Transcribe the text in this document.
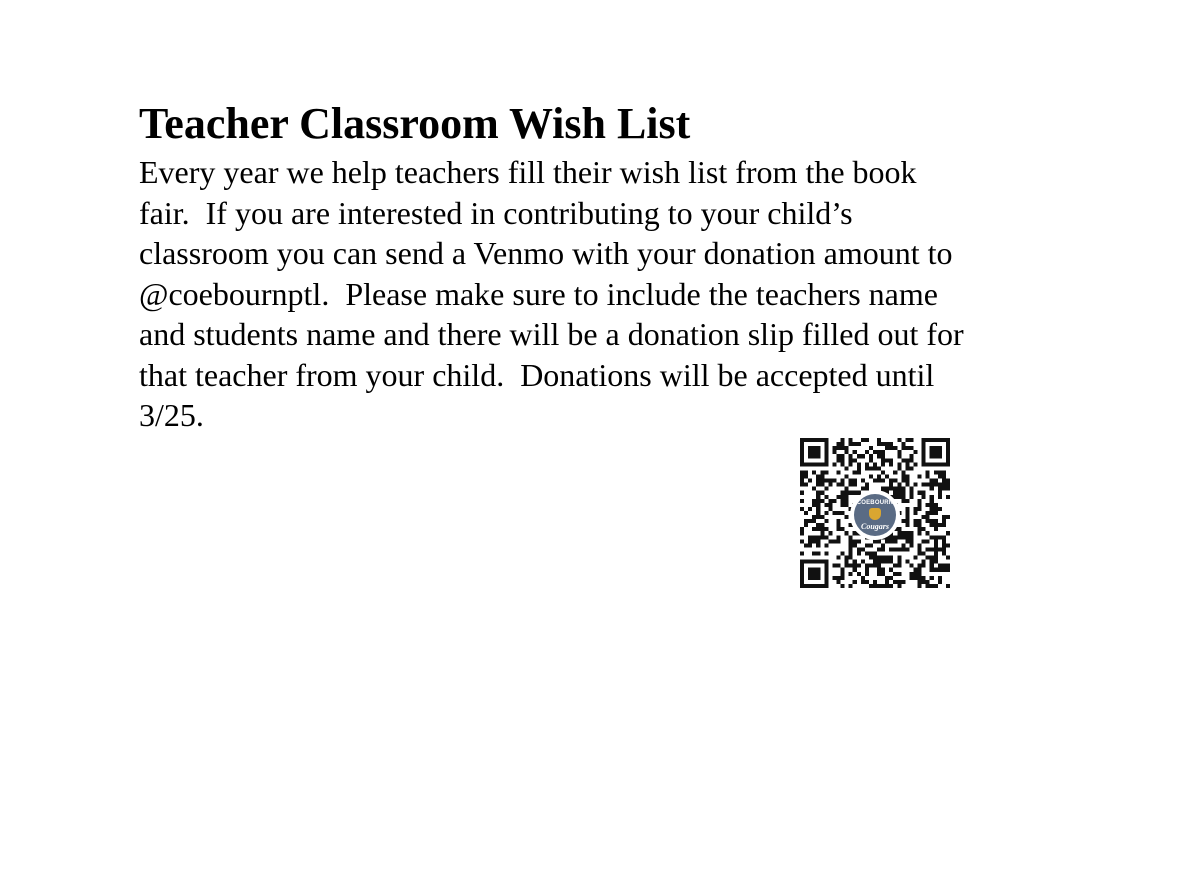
Teacher Classroom Wish List

Every year we help teachers fill their wish list from the book
fair.  If you are interested in contributing to your child’s
classroom you can send a Venmo with your donation amount to
@coebournptl.  Please make sure to include the teachers name
and students name and there will be a donation slip filled out for
that teacher from your child.  Donations will be accepted until
3/25.

COEBOURN
Cougars
